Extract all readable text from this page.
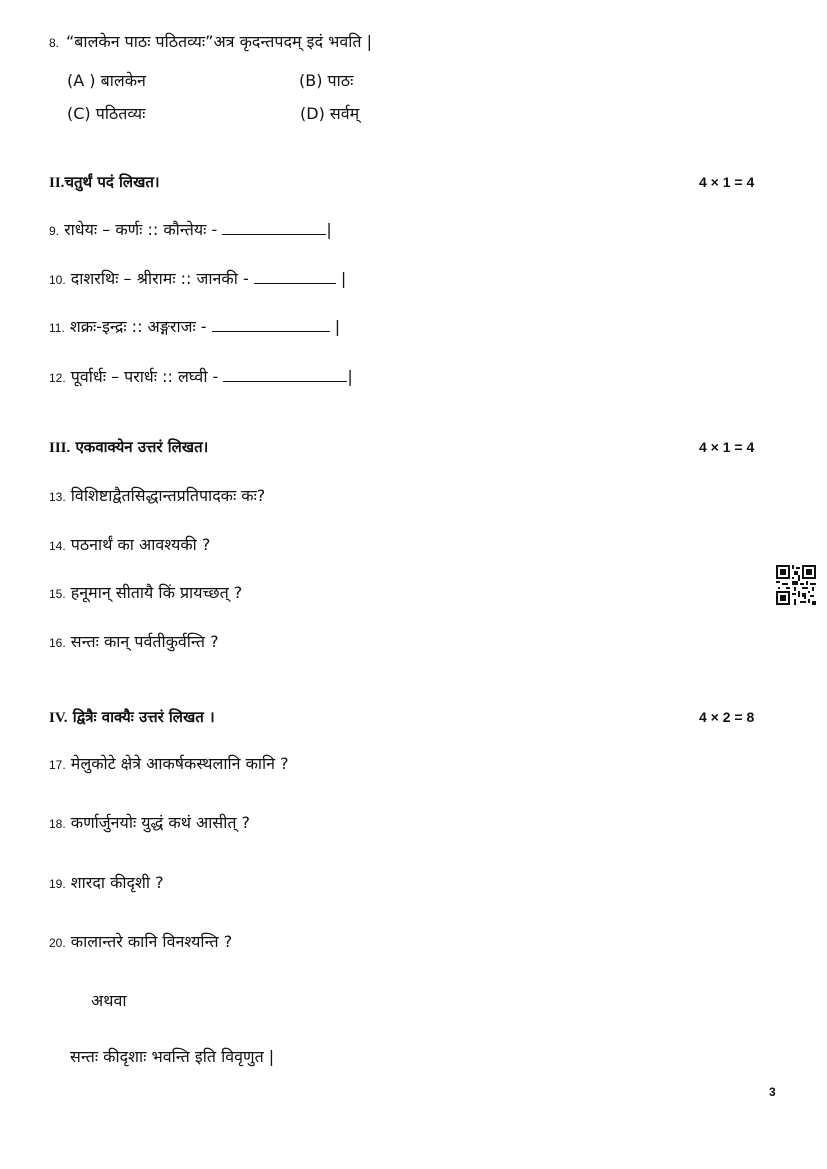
8. “बालकेन पाठः पठितव्यः”अत्र कृदन्तपदम् इदं भवति |
(A ) बालकेन	(B) पाठः
(C) पठितव्यः	(D) सर्वम्
II.चतुर्थं पदं लिखत।	4 × 1 = 4
9. राधेयः – कर्णः :: कौन्तेयः -	|
10. दाशरथिः – श्रीरामः :: जानकी -	|
11. शक्रः-इन्द्रः :: अङ्गराजः -	|
12. पूर्वार्धः – परार्धः :: लघ्वी -	|
III. एकवाक्येन उत्तरं लिखत।	4 × 1 = 4
13. विशिष्टाद्वैतसिद्धान्तप्रतिपादकः कः?
14. पठनार्थं का आवश्यकी ?
15. हनूमान् सीतायै किं प्रायच्छत् ?
16. सन्तः कान् पर्वतीकुर्वन्ति ?
IV. द्वित्रैः वाक्यैः उत्तरं लिखत ।	4 × 2 = 8
17. मेलुकोटे क्षेत्रे आकर्षकस्थलानि कानि ?
18. कर्णार्जुनयोः युद्धं कथं आसीत् ?
19. शारदा कीदृशी ?
20. कालान्तरे कानि विनश्यन्ति ?
अथवा
सन्तः कीदृशाः भवन्ति इति विवृणुत |
3
